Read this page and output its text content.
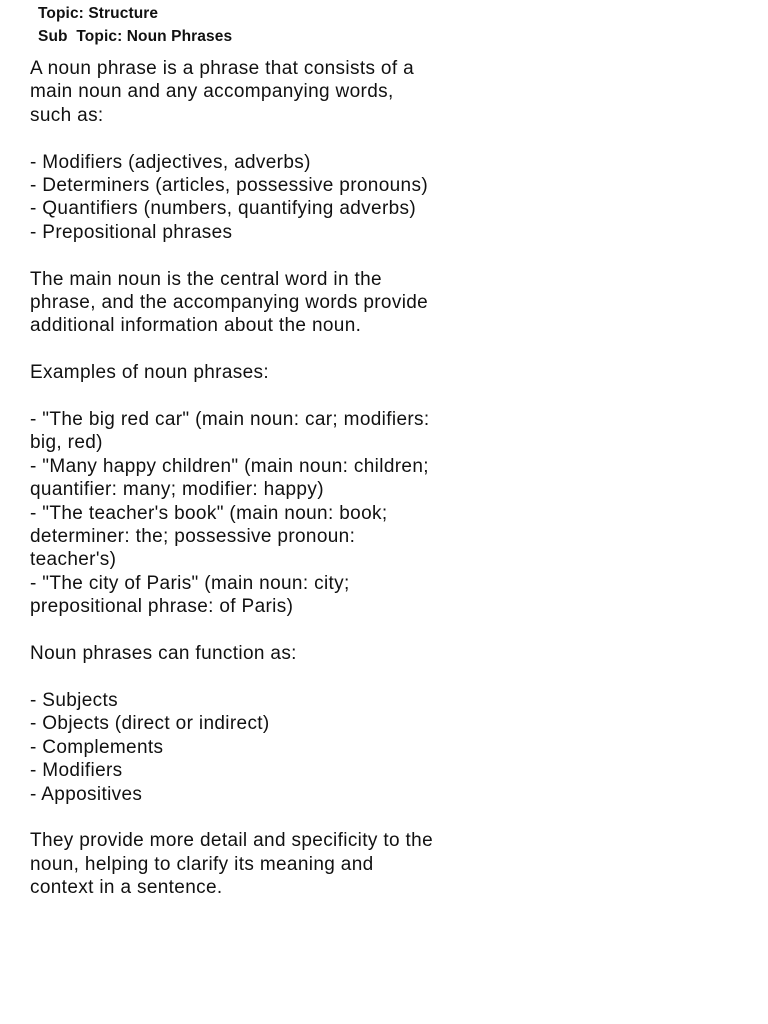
Topic: Structure
Sub  Topic: Noun Phrases
A noun phrase is a phrase that consists of a
main noun and any accompanying words,
such as:
- Modifiers (adjectives, adverbs)
- Determiners (articles, possessive pronouns)
- Quantifiers (numbers, quantifying adverbs)
- Prepositional phrases
The main noun is the central word in the
phrase, and the accompanying words provide
additional information about the noun.
Examples of noun phrases:
- "The big red car" (main noun: car; modifiers:
big, red)
- "Many happy children" (main noun: children;
quantifier: many; modifier: happy)
- "The teacher's book" (main noun: book;
determiner: the; possessive pronoun:
teacher's)
- "The city of Paris" (main noun: city;
prepositional phrase: of Paris)
Noun phrases can function as:
- Subjects
- Objects (direct or indirect)
- Complements
- Modifiers
- Appositives
They provide more detail and specificity to the
noun, helping to clarify its meaning and
context in a sentence.
